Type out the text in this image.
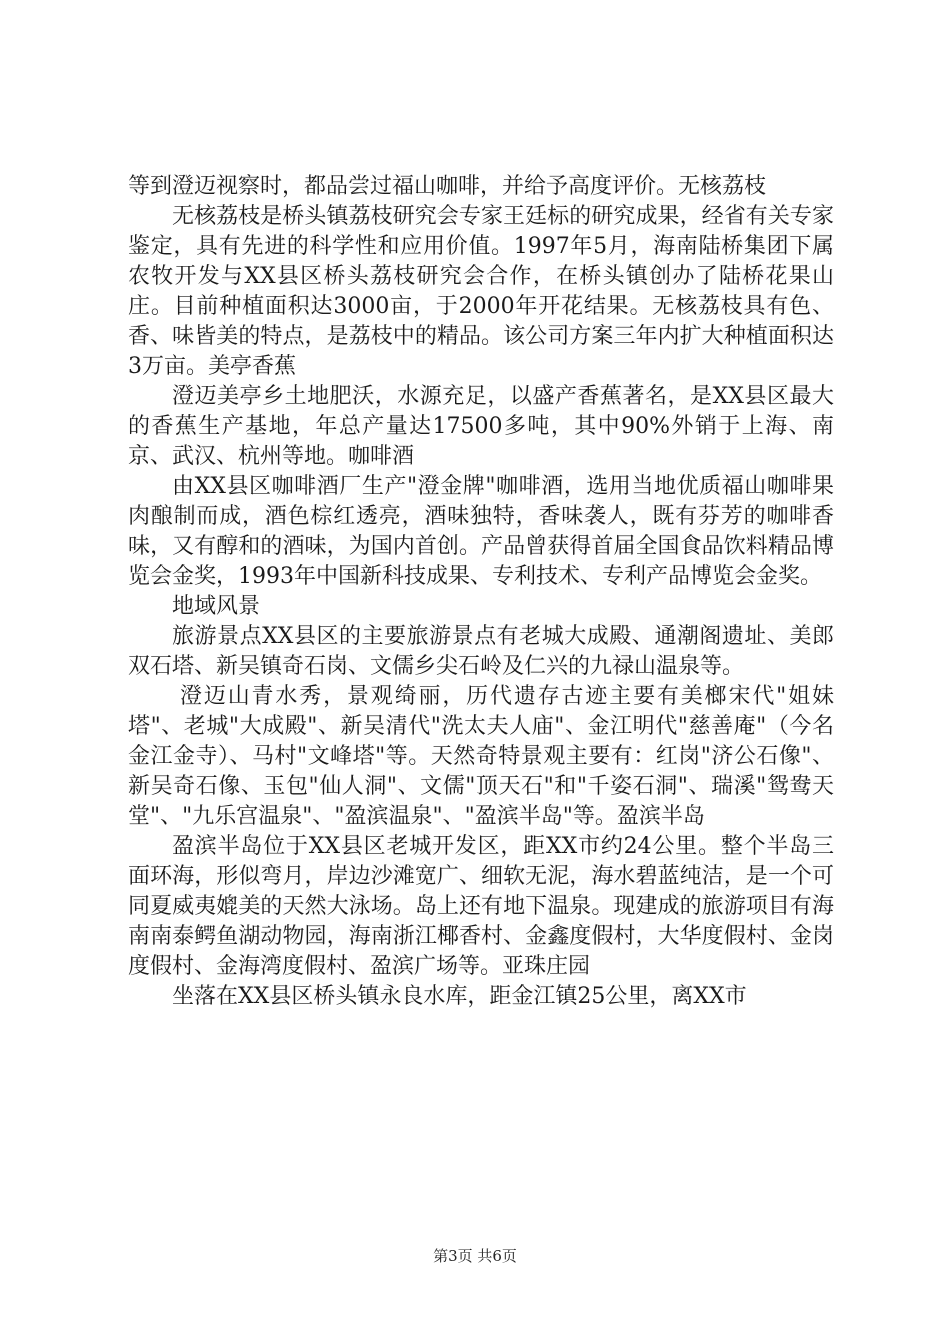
等到澄迈视察时，都品尝过福山咖啡，并给予高度评价。无核荔枝

无核荔枝是桥头镇荔枝研究会专家王廷标的研究成果，经省有关专家鉴定，具有先进的科学性和应用价值。1997年5月，海南陆桥集团下属农牧开发与XX县区桥头荔枝研究会合作，在桥头镇创办了陆桥花果山庄。目前种植面积达3000亩，于2000年开花结果。无核荔枝具有色、香、味皆美的特点，是荔枝中的精品。该公司方案三年内扩大种植面积达3万亩。美亭香蕉

澄迈美亭乡土地肥沃，水源充足，以盛产香蕉著名，是XX县区最大的香蕉生产基地，年总产量达17500多吨，其中90%外销于上海、南京、武汉、杭州等地。咖啡酒

由XX县区咖啡酒厂生产"澄金牌"咖啡酒，选用当地优质福山咖啡果肉酿制而成，酒色棕红透亮，酒味独特，香味袭人，既有芬芳的咖啡香味，又有醇和的酒味，为国内首创。产品曾获得首届全国食品饮料精品博览会金奖，1993年中国新科技成果、专利技术、专利产品博览会金奖。

地域风景

旅游景点XX县区的主要旅游景点有老城大成殿、通潮阁遗址、美郎双石塔、新吴镇奇石岗、文儒乡尖石岭及仁兴的九禄山温泉等。

澄迈山青水秀，景观绮丽，历代遗存古迹主要有美榔宋代"姐妹塔"、老城"大成殿"、新吴清代"洗太夫人庙"、金江明代"慈善庵"（今名金江金寺）、马村"文峰塔"等。天然奇特景观主要有：红岗"济公石像"、新吴奇石像、玉包"仙人洞"、文儒"顶天石"和"千姿石洞"、瑞溪"鸳鸯天堂"、"九乐宫温泉"、"盈滨温泉"、"盈滨半岛"等。盈滨半岛

盈滨半岛位于XX县区老城开发区，距XX市约24公里。整个半岛三面环海，形似弯月，岸边沙滩宽广、细软无泥，海水碧蓝纯洁，是一个可同夏威夷媲美的天然大泳场。岛上还有地下温泉。现建成的旅游项目有海南南泰鳄鱼湖动物园，海南浙江椰香村、金鑫度假村，大华度假村、金岗度假村、金海湾度假村、盈滨广场等。亚珠庄园

坐落在XX县区桥头镇永良水库，距金江镇25公里，离XX市

第3页 共6页
